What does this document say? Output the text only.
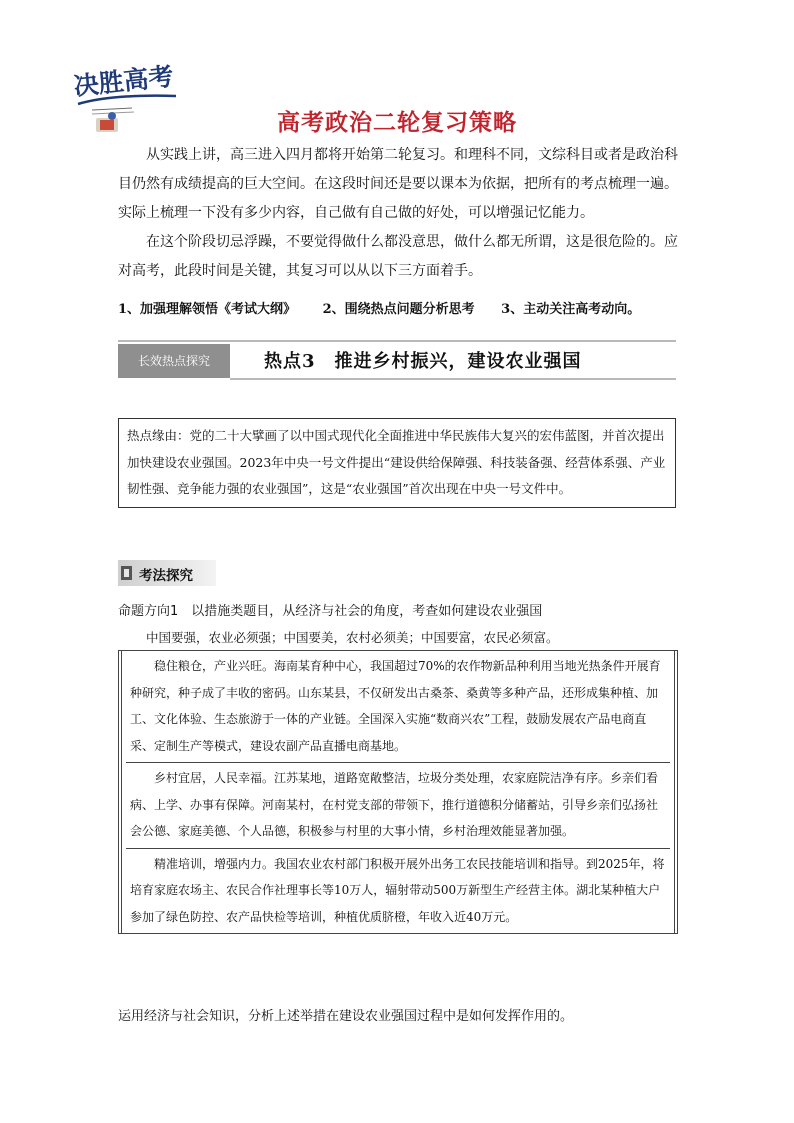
决胜高考
高考政治二轮复习策略

从实践上讲，高三进入四月都将开始第二轮复习。和理科不同，文综科目或者是政治科目仍然有成绩提高的巨大空间。在这段时间还是要以课本为依据，把所有的考点梳理一遍。实际上梳理一下没有多少内容，自己做有自己做的好处，可以增强记忆能力。

在这个阶段切忌浮躁，不要觉得做什么都没意思，做什么都无所谓，这是很危险的。应对高考，此段时间是关键，其复习可以从以下三方面着手。

1、加强理解领悟《考试大纲》 2、围绕热点问题分析思考 3、主动关注高考动向。
长效热点探究	热点3　推进乡村振兴，建设农业强国
热点缘由：党的二十大擘画了以中国式现代化全面推进中华民族伟大复兴的宏伟蓝图，并首次提出加快建设农业强国。2023年中央一号文件提出“建设供给保障强、科技装备强、经营体系强、产业韧性强、竞争能力强的农业强国”，这是“农业强国”首次出现在中央一号文件中。
考法探究
命题方向1　以措施类题目，从经济与社会的角度，考查如何建设农业强国
中国要强，农业必须强；中国要美，农村必须美；中国要富，农民必须富。
稳住粮仓，产业兴旺。海南某育种中心，我国超过70%的农作物新品种利用当地光热条件开展育种研究，种子成了丰收的密码。山东某县，不仅研发出古桑茶、桑黄等多种产品，还形成集种植、加工、文化体验、生态旅游于一体的产业链。全国深入实施“数商兴农”工程，鼓励发展农产品电商直采、定制生产等模式，建设农副产品直播电商基地。
乡村宜居，人民幸福。江苏某地，道路宽敞整洁，垃圾分类处理，农家庭院洁净有序。乡亲们看病、上学、办事有保障。河南某村，在村党支部的带领下，推行道德积分储蓄站，引导乡亲们弘扬社会公德、家庭美德、个人品德，积极参与村里的大事小情，乡村治理效能显著加强。
精准培训，增强内力。我国农业农村部门积极开展外出务工农民技能培训和指导。到2025年，将培育家庭农场主、农民合作社理事长等10万人，辐射带动500万新型生产经营主体。湖北某种植大户参加了绿色防控、农产品快检等培训，种植优质脐橙，年收入近40万元。
运用经济与社会知识，分析上述举措在建设农业强国过程中是如何发挥作用的。
